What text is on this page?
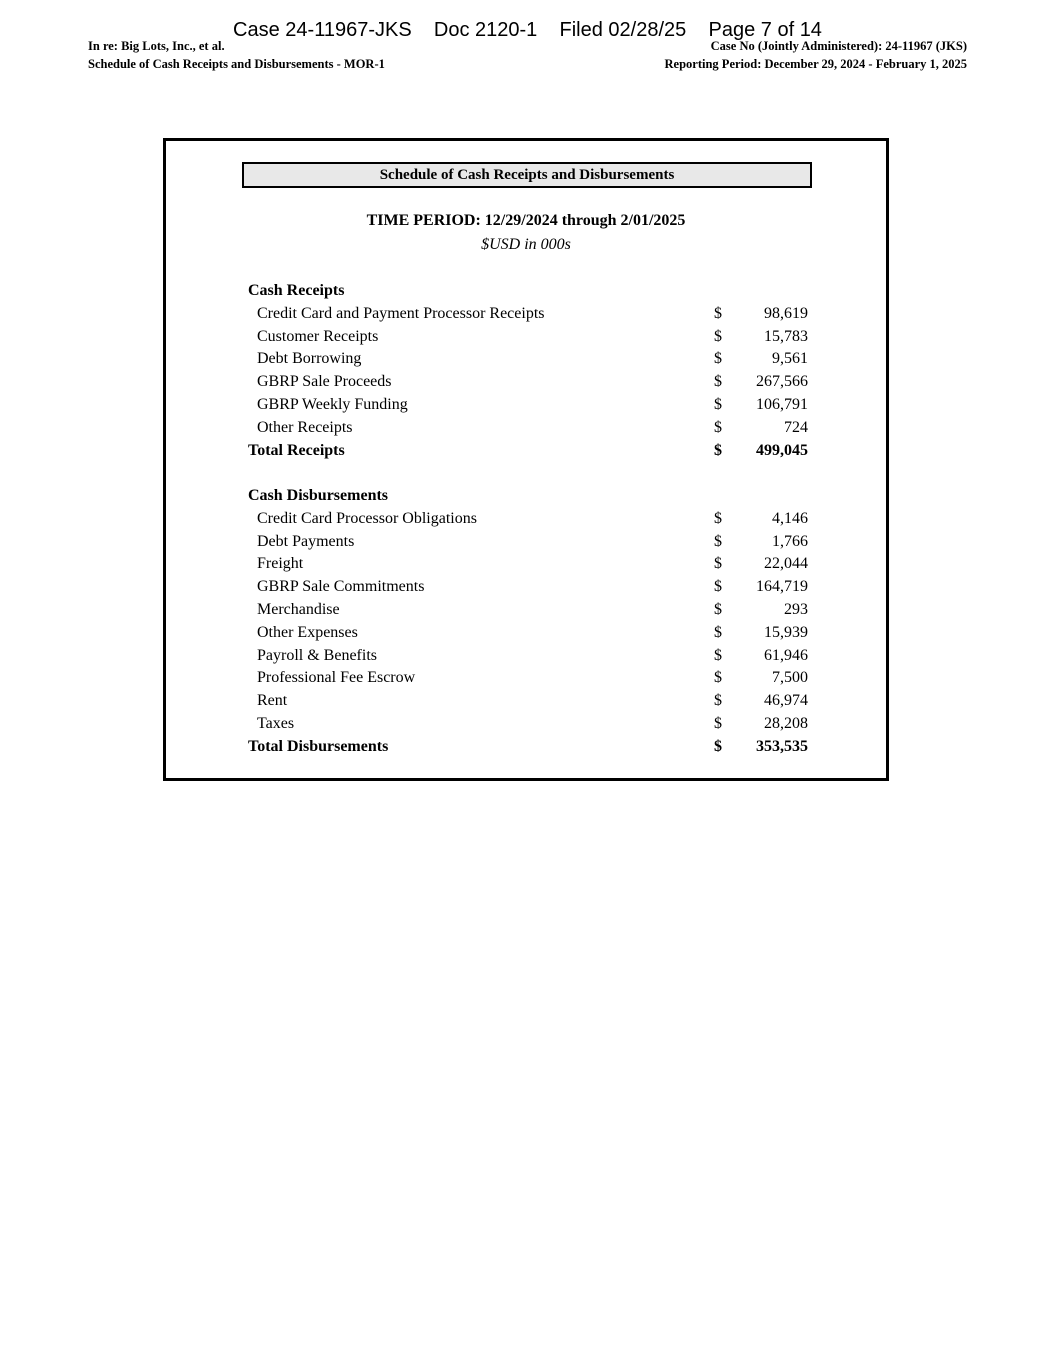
Case 24-11967-JKS    Doc 2120-1    Filed 02/28/25    Page 7 of 14
In re: Big Lots, Inc., et al.
Schedule of Cash Receipts and Disbursements - MOR-1
Case No (Jointly Administered): 24-11967 (JKS)
Reporting Period: December 29, 2024 - February 1, 2025
Schedule of Cash Receipts and Disbursements
TIME PERIOD: 12/29/2024 through 2/01/2025
$USD in 000s
Cash Receipts
Credit Card and Payment Processor Receipts	$	98,619
Customer Receipts	$	15,783
Debt Borrowing	$	9,561
GBRP Sale Proceeds	$	267,566
GBRP Weekly Funding	$	106,791
Other Receipts	$	724
Total Receipts	$	499,045
Cash Disbursements
Credit Card Processor Obligations	$	4,146
Debt Payments	$	1,766
Freight	$	22,044
GBRP Sale Commitments	$	164,719
Merchandise	$	293
Other Expenses	$	15,939
Payroll & Benefits	$	61,946
Professional Fee Escrow	$	7,500
Rent	$	46,974
Taxes	$	28,208
Total Disbursements	$	353,535
